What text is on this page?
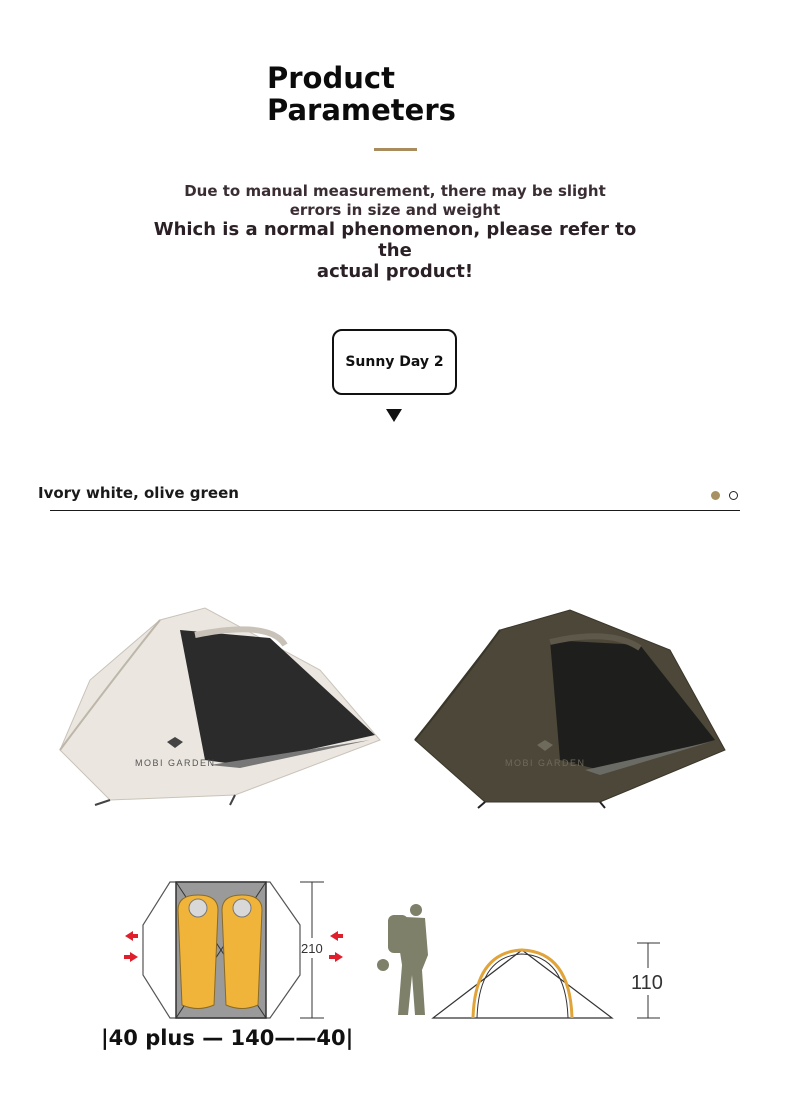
Product
Parameters
Due to manual measurement, there may be slight
errors in size and weight
Which is a normal phenomenon, please refer to the
actual product!
Sunny Day 2
Ivory white, olive green
MOBI GARDEN	MOBI GARDEN
210
110
|40 plus — 140——40|
